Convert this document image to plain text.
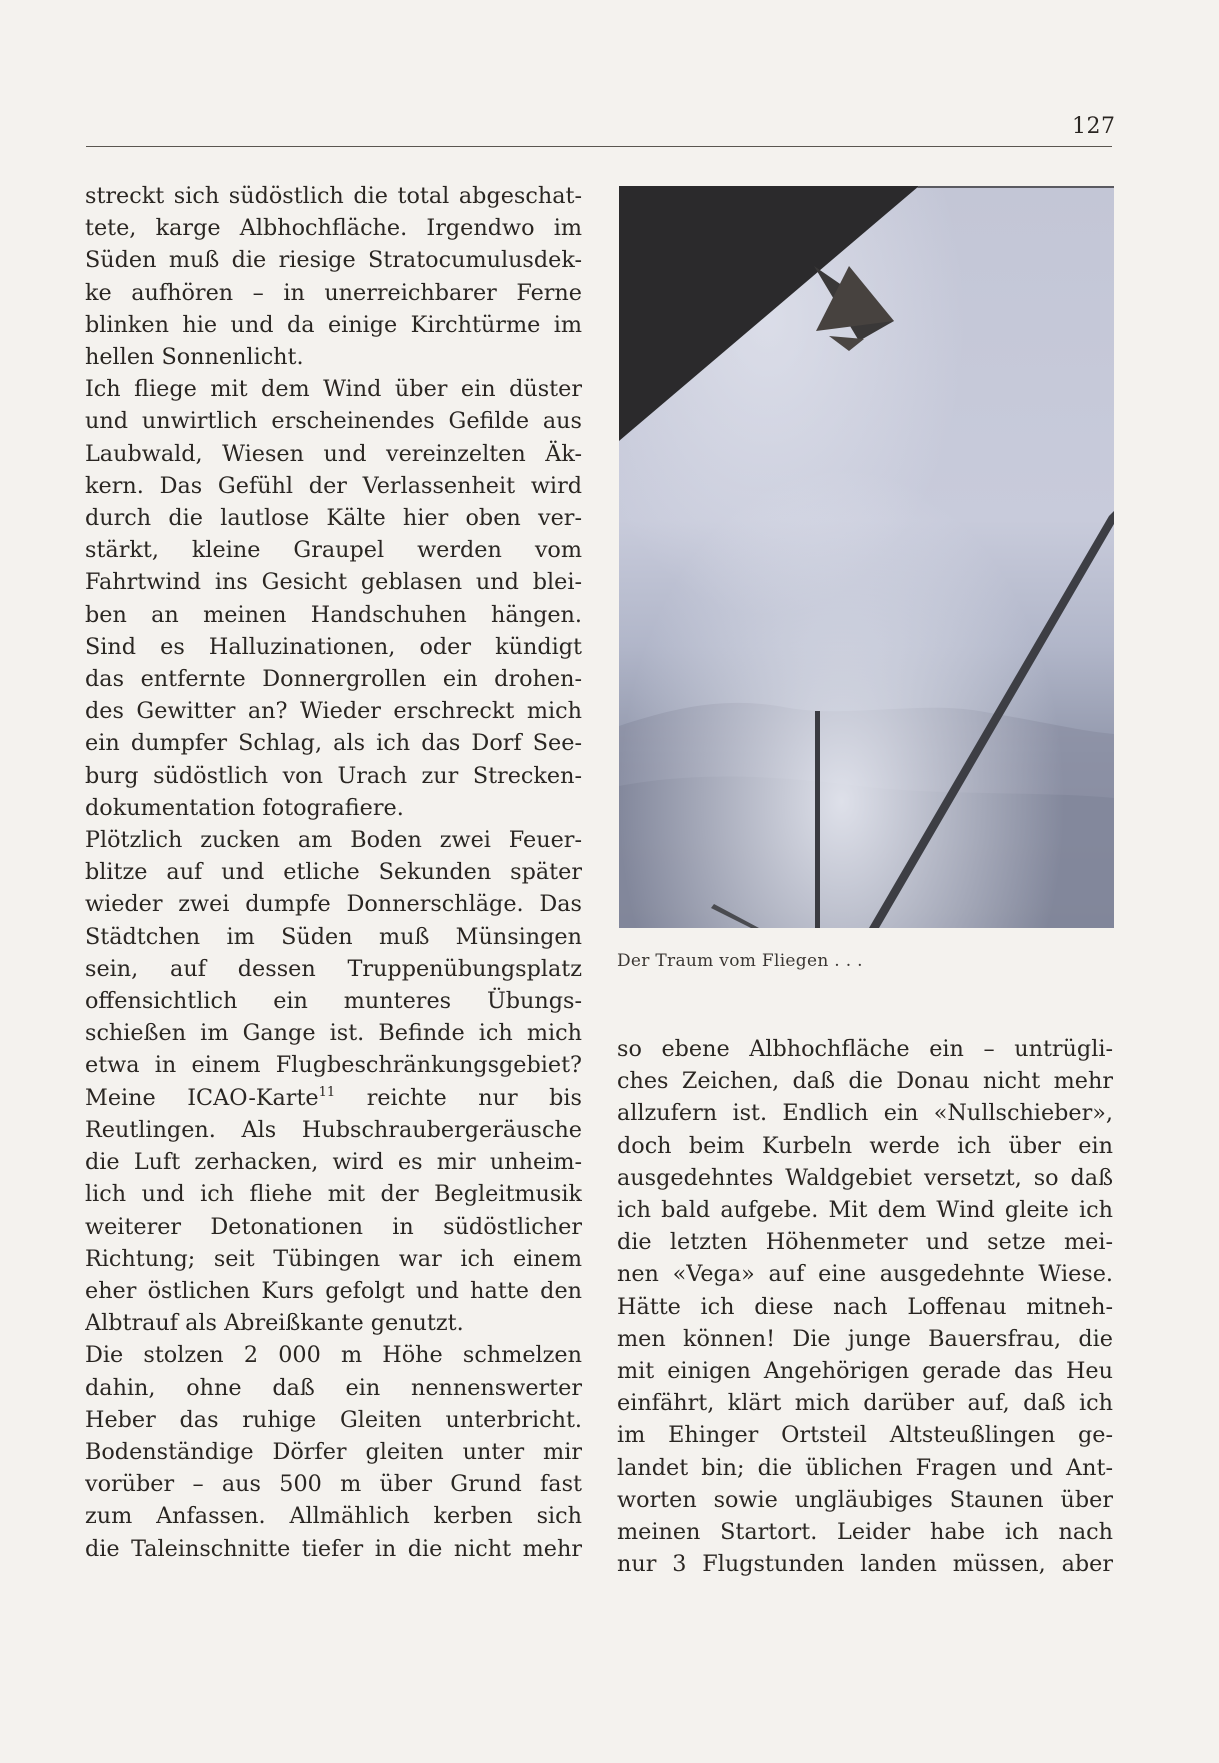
127
streckt sich südöstlich die total abgeschat-
tete, karge Albhochfläche. Irgendwo im
Süden muß die riesige Stratocumulusdek-
ke aufhören – in unerreichbarer Ferne
blinken hie und da einige Kirchtürme im
hellen Sonnenlicht.
Ich fliege mit dem Wind über ein düster
und unwirtlich erscheinendes Gefilde aus
Laubwald, Wiesen und vereinzelten Äk-
kern. Das Gefühl der Verlassenheit wird
durch die lautlose Kälte hier oben ver-
stärkt, kleine Graupel werden vom
Fahrtwind ins Gesicht geblasen und blei-
ben an meinen Handschuhen hängen.
Sind es Halluzinationen, oder kündigt
das entfernte Donnergrollen ein drohen-
des Gewitter an? Wieder erschreckt mich
ein dumpfer Schlag, als ich das Dorf See-
burg südöstlich von Urach zur Strecken-
dokumentation fotografiere.
Plötzlich zucken am Boden zwei Feuer-
blitze auf und etliche Sekunden später
wieder zwei dumpfe Donnerschläge. Das
Städtchen im Süden muß Münsingen
sein, auf dessen Truppenübungsplatz
offensichtlich ein munteres Übungs-
schießen im Gange ist. Befinde ich mich
etwa in einem Flugbeschränkungsgebiet?
Meine ICAO-Karte$^{11}$ reichte nur bis
Reutlingen. Als Hubschraubergeräusche
die Luft zerhacken, wird es mir unheim-
lich und ich fliehe mit der Begleitmusik
weiterer Detonationen in südöstlicher
Richtung; seit Tübingen war ich einem
eher östlichen Kurs gefolgt und hatte den
Albtrauf als Abreißkante genutzt.
Die stolzen 2 000 m Höhe schmelzen
dahin, ohne daß ein nennenswerter
Heber das ruhige Gleiten unterbricht.
Bodenständige Dörfer gleiten unter mir
vorüber – aus 500 m über Grund fast
zum Anfassen. Allmählich kerben sich
die Taleinschnitte tiefer in die nicht mehr
Der Traum vom Fliegen . . .
so ebene Albhochfläche ein – untrügli-
ches Zeichen, daß die Donau nicht mehr
allzufern ist. Endlich ein «Nullschieber»,
doch beim Kurbeln werde ich über ein
ausgedehntes Waldgebiet versetzt, so daß
ich bald aufgebe. Mit dem Wind gleite ich
die letzten Höhenmeter und setze mei-
nen «Vega» auf eine ausgedehnte Wiese.
Hätte ich diese nach Loffenau mitneh-
men können! Die junge Bauersfrau, die
mit einigen Angehörigen gerade das Heu
einfährt, klärt mich darüber auf, daß ich
im Ehinger Ortsteil Altsteußlingen ge-
landet bin; die üblichen Fragen und Ant-
worten sowie ungläubiges Staunen über
meinen Startort. Leider habe ich nach
nur 3 Flugstunden landen müssen, aber
